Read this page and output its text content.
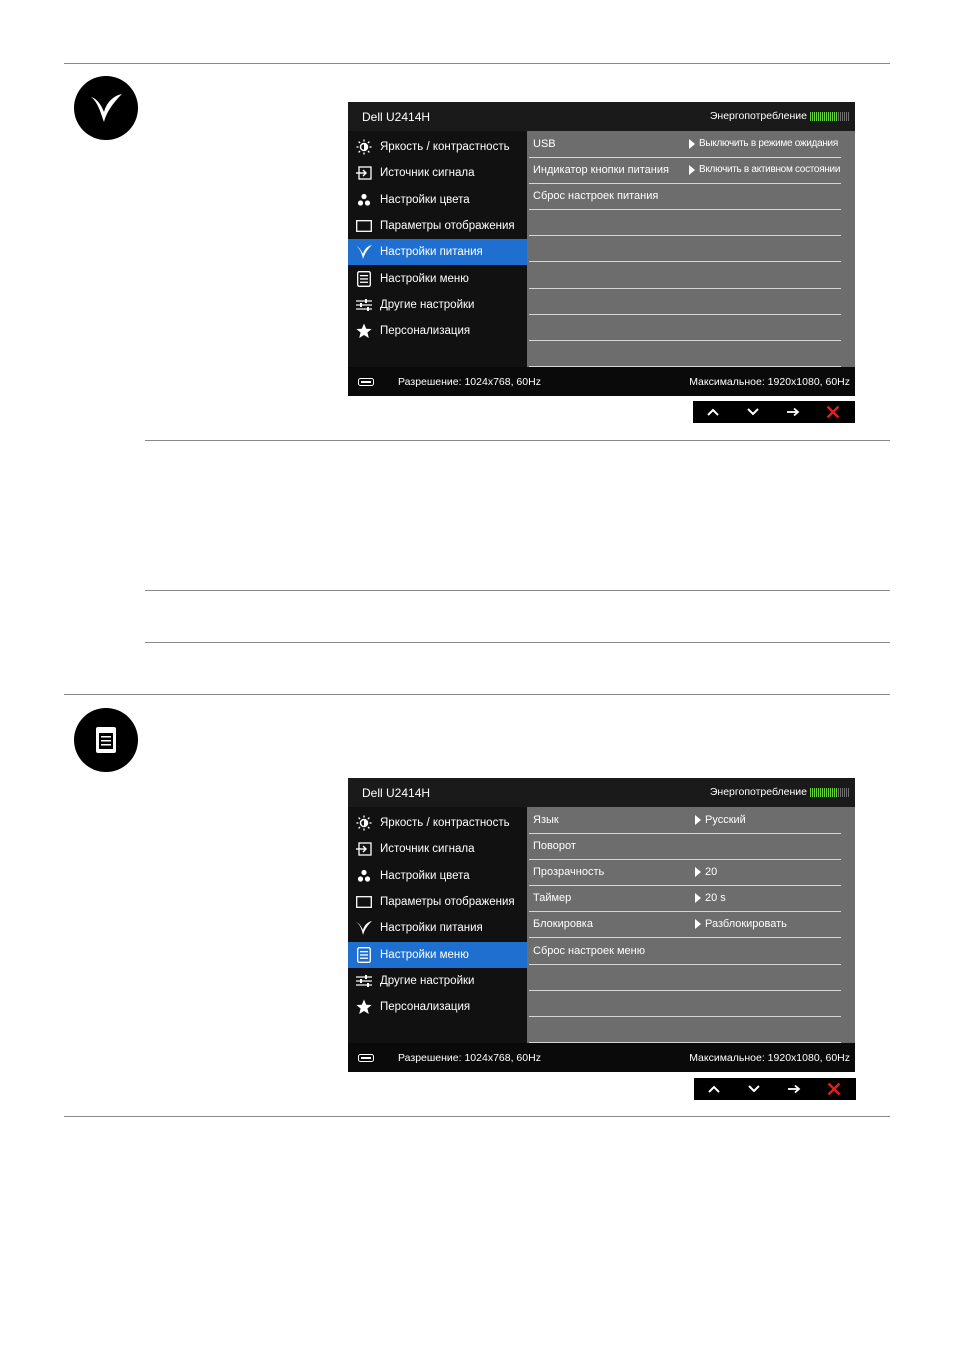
Dell U2414H	Энергопотребление
Яркость / контрастность
Источник сигнала
Настройки цвета
Параметры отображения
Настройки питания
Настройки меню
Другие настройки
Персонализация
USB	Выключить в режиме ожидания
Индикатор кнопки питания	Включить в активном состоянии
Сброс настроек питания
Разрешение: 1024x768, 60Hz	Максимальное: 1920x1080, 60Hz
Dell U2414H	Энергопотребление
Яркость / контрастность
Источник сигнала
Настройки цвета
Параметры отображения
Настройки питания
Настройки меню
Другие настройки
Персонализация
Язык	Русский
Поворот
Прозрачность	20
Таймер	20 s
Блокировка	Разблокировать
Сброс настроек меню
Разрешение: 1024x768, 60Hz	Максимальное: 1920x1080, 60Hz
